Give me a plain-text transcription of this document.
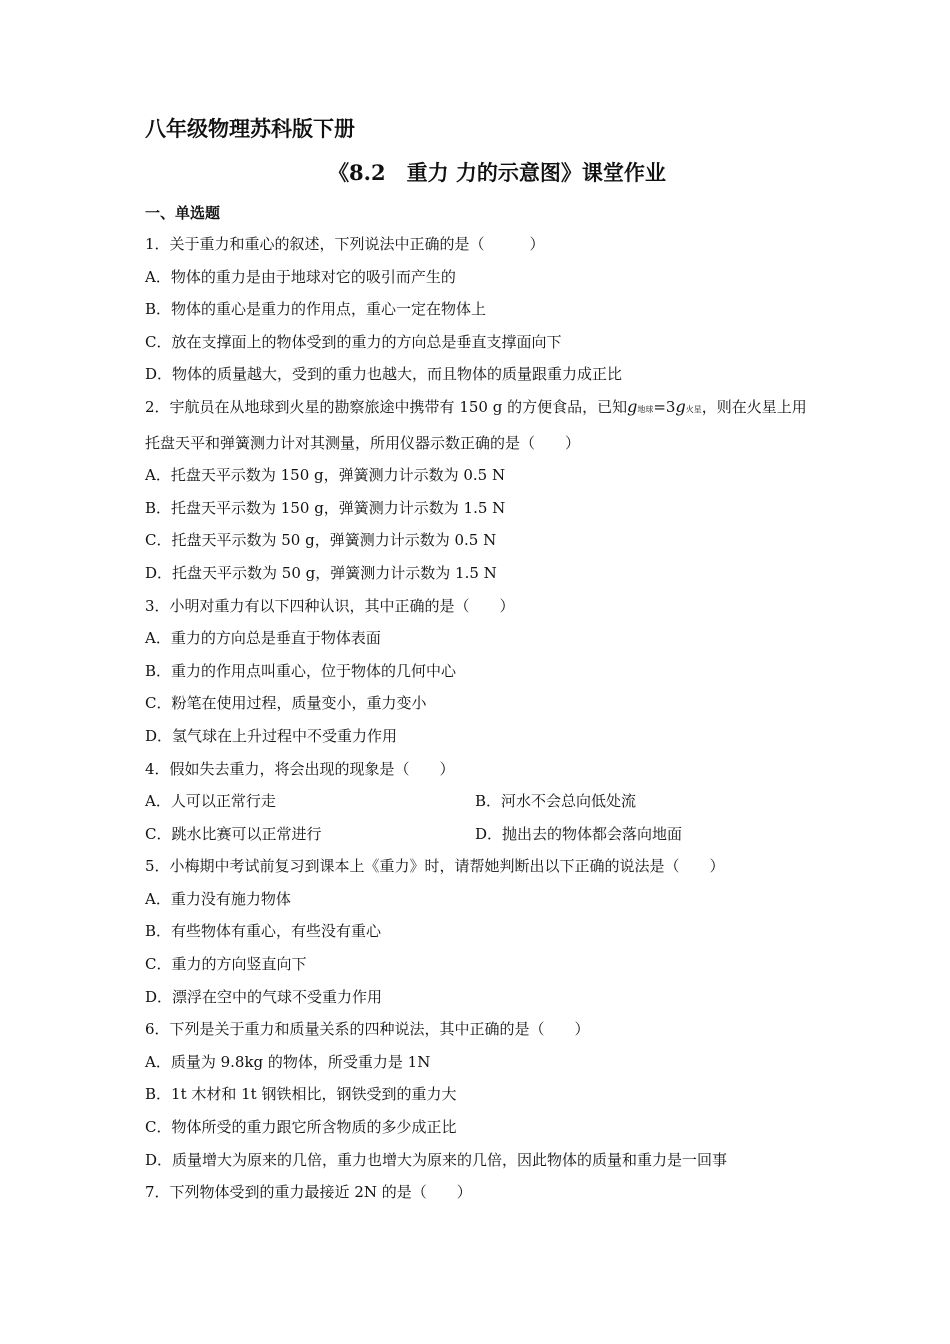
八年级物理苏科版下册
《8.2　重力 力的示意图》课堂作业
一、单选题
1．关于重力和重心的叙述，下列说法中正确的是（　　　）
A．物体的重力是由于地球对它的吸引而产生的
B．物体的重心是重力的作用点，重心一定在物体上
C．放在支撑面上的物体受到的重力的方向总是垂直支撑面向下
D．物体的质量越大，受到的重力也越大，而且物体的质量跟重力成正比
2．宇航员在从地球到火星的勘察旅途中携带有 150 g 的方便食品，已知g地球=3g火星，则在火星上用托盘天平和弹簧测力计对其测量，所用仪器示数正确的是（　　）
A．托盘天平示数为 150 g，弹簧测力计示数为 0.5 N
B．托盘天平示数为 150 g，弹簧测力计示数为 1.5 N
C．托盘天平示数为 50 g，弹簧测力计示数为 0.5 N
D．托盘天平示数为 50 g，弹簧测力计示数为 1.5 N
3．小明对重力有以下四种认识，其中正确的是（　　）
A．重力的方向总是垂直于物体表面
B．重力的作用点叫重心，位于物体的几何中心
C．粉笔在使用过程，质量变小，重力变小
D．氢气球在上升过程中不受重力作用
4．假如失去重力，将会出现的现象是（　　）
A．人可以正常行走	B．河水不会总向低处流
C．跳水比赛可以正常进行	D．抛出去的物体都会落向地面
5．小梅期中考试前复习到课本上《重力》时，请帮她判断出以下正确的说法是（　　）
A．重力没有施力物体
B．有些物体有重心，有些没有重心
C．重力的方向竖直向下
D．漂浮在空中的气球不受重力作用
6．下列是关于重力和质量关系的四种说法，其中正确的是（　　）
A．质量为 9.8kg 的物体，所受重力是 1N
B．1t 木材和 1t 钢铁相比，钢铁受到的重力大
C．物体所受的重力跟它所含物质的多少成正比
D．质量增大为原来的几倍，重力也增大为原来的几倍，因此物体的质量和重力是一回事
7．下列物体受到的重力最接近 2N 的是（　　）
